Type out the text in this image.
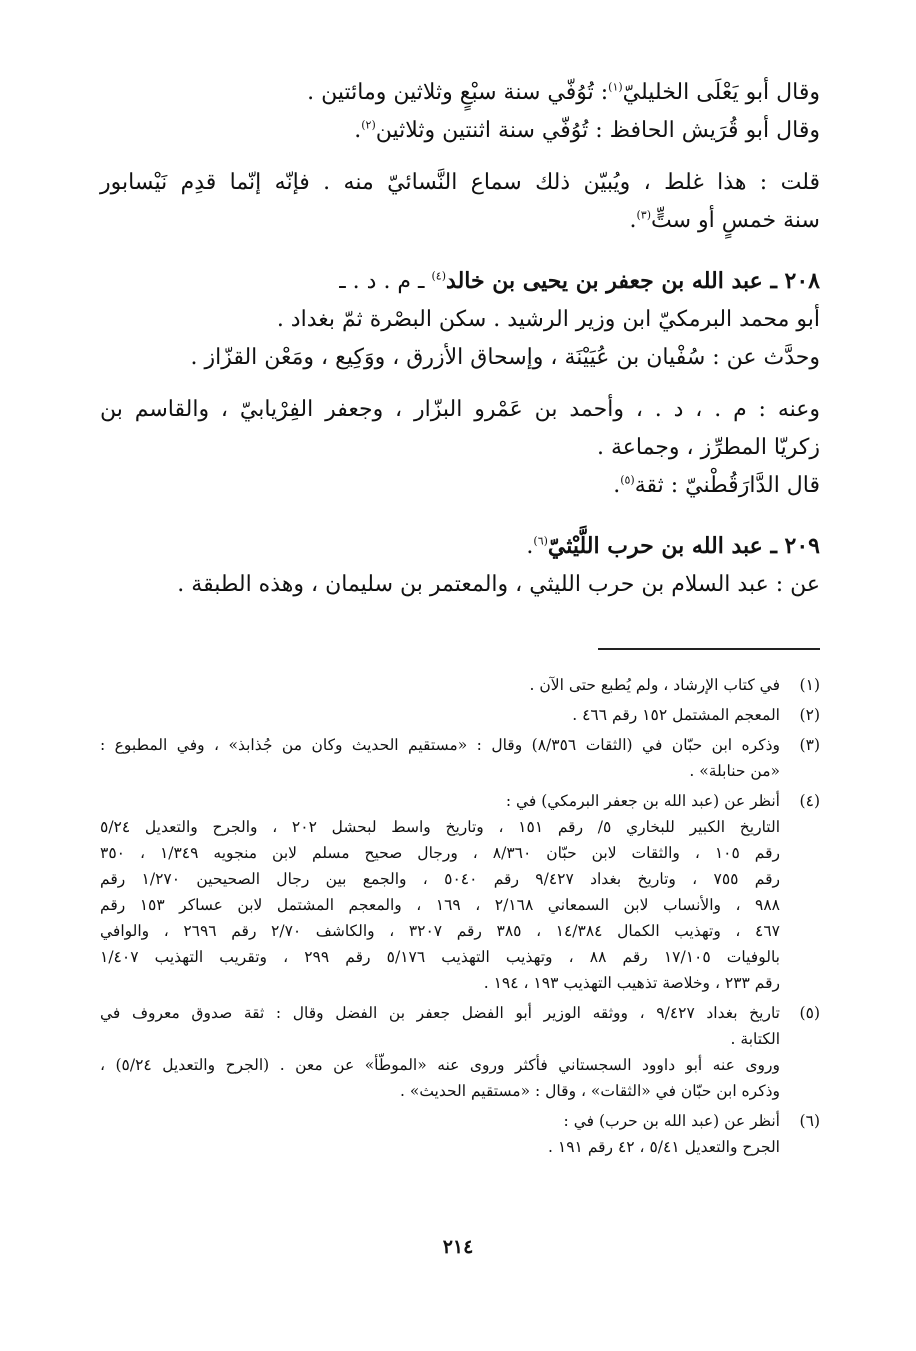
وقال أبو يَعْلَى الخليليّ$^{(١)}$: تُوُفّي سنة سبْعٍ وثلاثين ومائتين .

وقال أبو قُرَيش الحافظ : تُوُفّي سنة اثنتين وثلاثين$^{(٢)}$.

قلت : هذا غلط ، ويُبيّن ذلك سماع النَّسائيّ منه . فإنّه إنّما قدِم نَيْسابور

سنة خمسٍ أو ستٍّ$^{(٣)}$.

٢٠٨ ـ عبد الله بن جعفر بن يحيى بن خالد$^{(٤)}$ ـ م . د . ـ

أبو محمد البرمكيّ ابن وزير الرشيد . سكن البصْرة ثمّ بغداد .

وحدَّث عن : سُفْيان بن عُيَيْنَة ، وإسحاق الأزرق ، ووَكِيع ، ومَعْن القزّاز .

وعنه : م . ، د . ، وأحمد بن عَمْرو البزّار ، وجعفر الفِرْيابيّ ، والقاسم بن

زكريّا المطرِّز ، وجماعة .

قال الدَّارَقُطْنيّ : ثقة$^{(٥)}$.

٢٠٩ ـ عبد الله بن حرب اللَّيْثيّ$^{(٦)}$.

عن : عبد السلام بن حرب الليثي ، والمعتمر بن سليمان ، وهذه الطبقة .

(١)

في كتاب الإرشاد ، ولم يُطبع حتى الآن .

(٢)

المعجم المشتمل ١٥٢ رقم ٤٦٦ .

(٣)

وذكره ابن حبّان في (الثقات ٨/٣٥٦) وقال : «مستقيم الحديث وكان من جُذابذ» ، وفي المطبوع :

«من حنابلة» .

(٤)

أنظر عن (عبد الله بن جعفر البرمكي) في :

التاريخ الكبير للبخاري ٥/ رقم ١٥١ ، وتاريخ واسط لبحشل ٢٠٢ ، والجرح والتعديل ٥/٢٤

رقم ١٠٥ ، والثقات لابن حبّان ٨/٣٦٠ ، ورجال صحيح مسلم لابن منجويه ١/٣٤٩ ، ٣٥٠

رقم ٧٥٥ ، وتاريخ بغداد ٩/٤٢٧ رقم ٥٠٤٠ ، والجمع بين رجال الصحيحين ١/٢٧٠ رقم

٩٨٨ ، والأنساب لابن السمعاني ٢/١٦٨ ، ١٦٩ ، والمعجم المشتمل لابن عساكر ١٥٣ رقم

٤٦٧ ، وتهذيب الكمال ١٤/٣٨٤ ، ٣٨٥ رقم ٣٢٠٧ ، والكاشف ٢/٧٠ رقم ٢٦٩٦ ، والوافي

بالوفيات ١٧/١٠٥ رقم ٨٨ ، وتهذيب التهذيب ٥/١٧٦ رقم ٢٩٩ ، وتقريب التهذيب ١/٤٠٧

رقم ٢٣٣ ، وخلاصة تذهيب التهذيب ١٩٣ ، ١٩٤ .

(٥)

تاريخ بغداد ٩/٤٢٧ ، ووثقه الوزير أبو الفضل جعفر بن الفضل وقال : ثقة صدوق معروف في

الكتابة .

وروى عنه أبو داوود السجستاني فأكثر وروى عنه «الموطّأ» عن معن . (الجرح والتعديل ٥/٢٤) ،

وذكره ابن حبّان في «الثقات» ، وقال : «مستقيم الحديث» .

(٦)

أنظر عن (عبد الله بن حرب) في :

الجرح والتعديل ٥/٤١ ، ٤٢ رقم ١٩١ .

٢١٤
